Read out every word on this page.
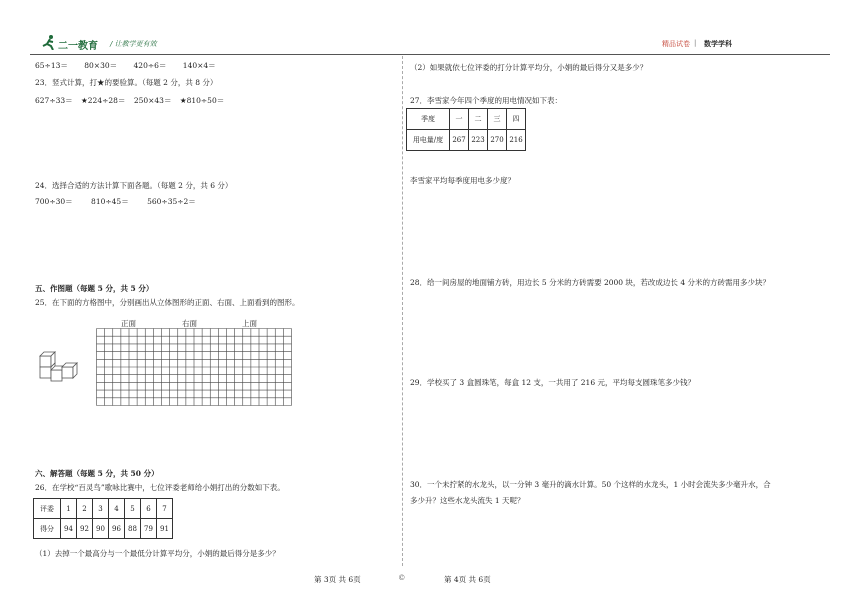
二一教育 / 让教学更有效	精品试卷 | 数学学科
65÷13＝ 80×30＝ 420÷6＝ 140×4＝
23．竖式计算，打★的要验算。（每题 2 分，共 8 分）
627÷33＝ ★224÷28＝ 250×43＝ ★810÷50＝
24．选择合适的方法计算下面各题。（每题 2 分，共 6 分）
700÷30＝ 810÷45＝ 560÷35÷2＝
五、作图题（每题 5 分，共 5 分）
25．在下面的方格图中，分别画出从立体图形的正面、右面、上面看到的图形。
正面	右面	上面
六、解答题（每题 5 分，共 50 分）
26．在学校“百灵鸟”歌咏比赛中，七位评委老师给小娟打出的分数如下表。
评委	1	2	3	4	5	6	7
得分	94	92	90	96	88	79	91
（1）去掉一个最高分与一个最低分计算平均分，小娟的最后得分是多少？
（2）如果就依七位评委的打分计算平均分，小娟的最后得分又是多少？
27．李雪家今年四个季度的用电情况如下表：
季度	一	二	三	四
用电量/度	267	223	270	216
李雪家平均每季度用电多少度？
28．给一间房屋的地面铺方砖，用边长 5 分米的方砖需要 2000 块，若改成边长 4 分米的方砖需用多少块？
29．学校买了 3 盒圆珠笔，每盒 12 支，一共用了 216 元，平均每支圆珠笔多少钱？
30．一个未拧紧的水龙头，以一分钟 3 毫升的滴水计算。50 个这样的水龙头，1 小时会流失多少毫升水，合
多少升？这些水龙头流失 1 天呢？
第 3页 共 6页	©	第 4页 共 6页
